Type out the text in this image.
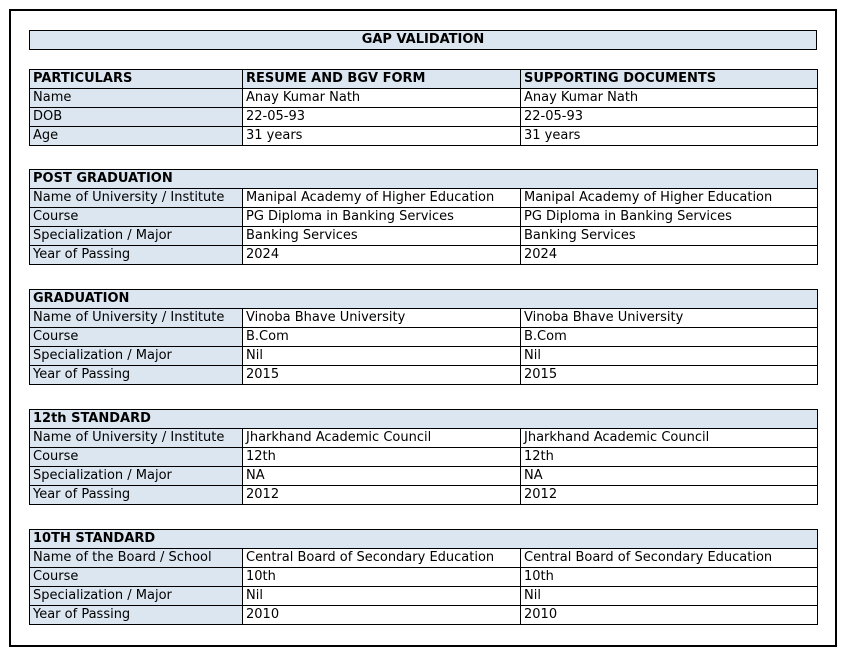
GAP VALIDATION
PARTICULARS	RESUME AND BGV FORM	SUPPORTING DOCUMENTS
Name	Anay Kumar Nath	Anay Kumar Nath
DOB	22-05-93	22-05-93
Age	31 years	31 years
POST GRADUATION		
Name of University / Institute	Manipal Academy of Higher Education	Manipal Academy of Higher Education
Course	PG Diploma in Banking Services	PG Diploma in Banking Services
Specialization / Major	Banking Services	Banking Services
Year of Passing	2024	2024
GRADUATION		
Name of University / Institute	Vinoba Bhave University	Vinoba Bhave University
Course	B.Com	B.Com
Specialization / Major	Nil	Nil
Year of Passing	2015	2015
12th STANDARD		
Name of University / Institute	Jharkhand Academic Council	Jharkhand Academic Council
Course	12th	12th
Specialization / Major	NA	NA
Year of Passing	2012	2012
10TH STANDARD		
Name of the Board / School	Central Board of Secondary Education	Central Board of Secondary Education
Course	10th	10th
Specialization / Major	Nil	Nil
Year of Passing	2010	2010
